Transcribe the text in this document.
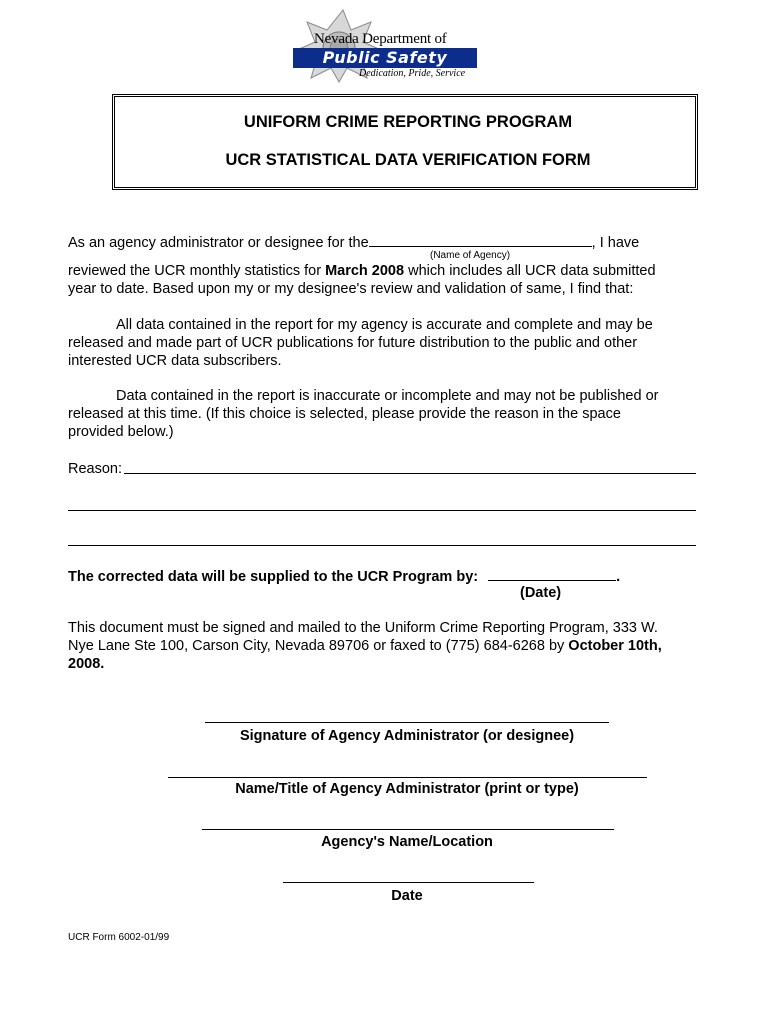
Nevada Department of
Public Safety
Dedication, Pride, Service
UNIFORM CRIME REPORTING PROGRAM
UCR STATISTICAL DATA VERIFICATION FORM
As an agency administrator or designee for the	, I have
(Name of Agency)
reviewed the UCR monthly statistics for March 2008 which includes all UCR data submitted
year to date. Based upon my or my designee's review and validation of same, I find that:
All data contained in the report for my agency is accurate and complete and may be
released and made part of UCR publications for future distribution to the public and other
interested UCR data subscribers.
Data contained in the report is inaccurate or incomplete and may not be published or
released at this time. (If this choice is selected, please provide the reason in the space
provided below.)
Reason:
The corrected data will be supplied to the UCR Program by:	.
(Date)
This document must be signed and mailed to the Uniform Crime Reporting Program, 333 W.
Nye Lane Ste 100, Carson City, Nevada 89706 or faxed to (775) 684-6268 by October 10th,
2008.
Signature of Agency Administrator (or designee)
Name/Title of Agency Administrator (print or type)
Agency's Name/Location
Date
UCR Form 6002-01/99
